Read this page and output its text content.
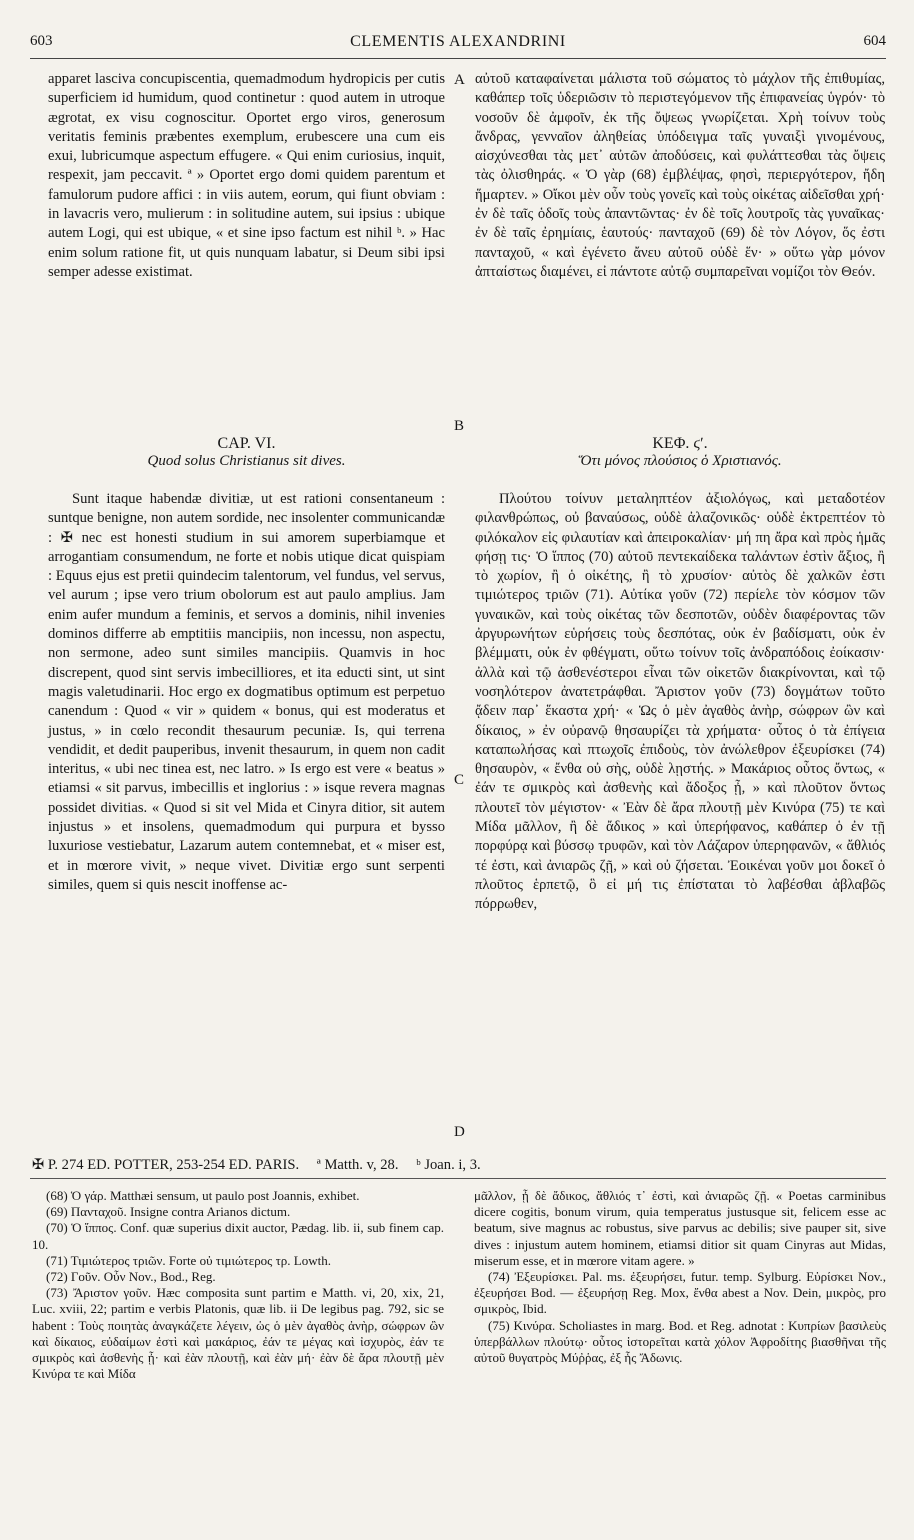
603	CLEMENTIS ALEXANDRINI	604

apparet lasciva concupiscentia, quemadmodum hydropicis per cutis superficiem id humidum, quod continetur : quod autem in utroque ægrotat, ex visu cognoscitur. Oportet ergo viros, generosum veritatis feminis præbentes exemplum, erubescere una cum eis exui, lubricumque aspectum effugere. « Qui enim curiosius, inquit, respexit, jam peccavit. ª » Oportet ergo domi quidem parentum et famulorum pudore affici : in viis autem, eorum, qui fiunt obviam : in lavacris vero, mulierum : in solitudine autem, sui ipsius : ubique autem Logi, qui est ubique, « et sine ipso factum est nihil ᵇ. » Hac enim solum ratione fit, ut quis nunquam labatur, si Deum sibi ipsi semper adesse existimat.

αὐτοῦ καταφαίνεται μάλιστα τοῦ σώματος τὸ μάχλον τῆς ἐπιθυμίας, καθάπερ τοῖς ὑδεριῶσιν τὸ περιστεγόμενον τῆς ἐπιφανείας ὑγρόν· τὸ νοσοῦν δὲ ἀμφοῖν, ἐκ τῆς ὄψεως γνωρίζεται. Χρὴ τοίνυν τοὺς ἄνδρας, γενναῖον ἀληθείας ὑπόδειγμα ταῖς γυναιξὶ γινομένους, αἰσχύνεσθαι τὰς μετ᾽ αὐτῶν ἀποδύσεις, καὶ φυλάττεσθαι τὰς ὄψεις τὰς ὀλισθηράς. « Ὁ γὰρ (68) ἐμβλέψας, φησὶ, περιεργότερον, ἤδη ἥμαρτεν. » Οἴκοι μὲν οὖν τοὺς γονεῖς καὶ τοὺς οἰκέτας αἰδεῖσθαι χρή· ἐν δὲ ταῖς ὁδοῖς τοὺς ἀπαντῶντας· ἐν δὲ τοῖς λουτροῖς τὰς γυναῖκας· ἐν δὲ ταῖς ἐρημίαις, ἑαυτούς· πανταχοῦ (69) δὲ τὸν Λόγον, ὅς ἐστι πανταχοῦ, « καὶ ἐγένετο ἄνευ αὐτοῦ οὐδὲ ἕν· » οὕτω γὰρ μόνον ἀπταίστως διαμένει, εἰ πάντοτε αὐτῷ συμπαρεῖναι νομίζοι τὸν Θεόν.

CAP. VI.

Quod solus Christianus sit dives.

ΚΕΦ. ϛʹ.

Ὅτι μόνος πλούσιος ὁ Χριστιανός.

Sunt itaque habendæ divitiæ, ut est rationi consentaneum : suntque benigne, non autem sordide, nec insolenter communicandæ : ✠ nec est honesti studium in sui amorem superbiamque et arrogantiam consumendum, ne forte et nobis utique dicat quispiam : Equus ejus est pretii quindecim talentorum, vel fundus, vel servus, vel aurum ; ipse vero trium obolorum est aut paulo amplius. Jam enim aufer mundum a feminis, et servos a dominis, nihil invenies dominos differre ab emptitiis mancipiis, non incessu, non aspectu, non sermone, adeo sunt similes mancipiis. Quamvis in hoc discrepent, quod sint servis imbecilliores, et ita educti sint, ut sint magis valetudinarii. Hoc ergo ex dogmatibus optimum est perpetuo canendum : Quod « vir » quidem « bonus, qui est moderatus et justus, » in cœlo recondit thesaurum pecuniæ. Is, qui terrena vendidit, et dedit pauperibus, invenit thesaurum, in quem non cadit interitus, « ubi nec tinea est, nec latro. » Is ergo est vere « beatus » etiamsi « sit parvus, imbecillis et inglorius : » isque revera magnas possidet divitias. « Quod si sit vel Mida et Cinyra ditior, sit autem injustus » et insolens, quemadmodum qui purpura et bysso luxuriose vestiebatur, Lazarum autem contemnebat, et « miser est, et in mœrore vivit, » neque vivet. Divitiæ ergo sunt serpenti similes, quem si quis nescit inoffense ac-

Πλούτου τοίνυν μεταληπτέον ἀξιολόγως, καὶ μεταδοτέον φιλανθρώπως, οὐ βαναύσως, οὐδὲ ἀλαζονικῶς· οὐδὲ ἐκτρεπτέον τὸ φιλόκαλον εἰς φιλαυτίαν καὶ ἀπειροκαλίαν· μή πη ἄρα καὶ πρὸς ἡμᾶς φήσῃ τις· Ὁ ἵππος (70) αὐτοῦ πεντεκαίδεκα ταλάντων ἐστὶν ἄξιος, ἢ τὸ χωρίον, ἢ ὁ οἰκέτης, ἢ τὸ χρυσίον· αὐτὸς δὲ χαλκῶν ἐστι τιμιώτερος τριῶν (71). Αὐτίκα γοῦν (72) περίελε τὸν κόσμον τῶν γυναικῶν, καὶ τοὺς οἰκέτας τῶν δεσποτῶν, οὐδὲν διαφέροντας τῶν ἀργυρωνήτων εὑρήσεις τοὺς δεσπότας, οὐκ ἐν βαδίσματι, οὐκ ἐν βλέμματι, οὐκ ἐν φθέγματι, οὕτω τοίνυν τοῖς ἀνδραπόδοις ἐοίκασιν· ἀλλὰ καὶ τῷ ἀσθενέστεροι εἶναι τῶν οἰκετῶν διακρίνονται, καὶ τῷ νοσηλότερον ἀνατετράφθαι. Ἄριστον γοῦν (73) δογμάτων τοῦτο ᾄδειν παρ᾽ ἕκαστα χρή· « Ὡς ὁ μὲν ἀγαθὸς ἀνὴρ, σώφρων ὢν καὶ δίκαιος, » ἐν οὐρανῷ θησαυρίζει τὰ χρήματα· οὗτος ὁ τὰ ἐπίγεια καταπωλήσας καὶ πτωχοῖς ἐπιδοὺς, τὸν ἀνώλεθρον ἐξευρίσκει (74) θησαυρὸν, « ἔνθα οὐ σὴς, οὐδὲ λῃστής. » Μακάριος οὗτος ὄντως, « ἐάν τε σμικρὸς καὶ ἀσθενὴς καὶ ἄδοξος ᾖ, » καὶ πλοῦτον ὄντως πλουτεῖ τὸν μέγιστον· « Ἐὰν δὲ ἄρα πλουτῇ μὲν Κινύρα (75) τε καὶ Μίδα μᾶλλον, ἢ δὲ ἄδικος » καὶ ὑπερήφανος, καθάπερ ὁ ἐν τῇ πορφύρᾳ καὶ βύσσῳ τρυφῶν, καὶ τὸν Λάζαρον ὑπερηφανῶν, « ἄθλιός τέ ἐστι, καὶ ἀνιαρῶς ζῇ, » καὶ οὐ ζήσεται. Ἐοικέναι γοῦν μοι δοκεῖ ὁ πλοῦτος ἑρπετῷ, ὃ εἰ μή τις ἐπίσταται τὸ λαβέσθαι ἀβλαβῶς πόρρωθεν,

A
B
C
D
✠ P. 274 ED. POTTER, 253-254 ED. PARIS. ª Matth. v, 28. ᵇ Joan. i, 3.

(68) Ὁ γάρ. Matthæi sensum, ut paulo post Joannis, exhibet.

(69) Πανταχοῦ. Insigne contra Arianos dictum.

(70) Ὁ ἵππος. Conf. quæ superius dixit auctor, Pædag. lib. ii, sub finem cap. 10.

(71) Τιμιώτερος τριῶν. Forte οὐ τιμιώτερος τρ. Lowth.

(72) Γοῦν. Οὖν Nov., Bod., Reg.

(73) Ἄριστον γοῦν. Hæc composita sunt partim e Matth. vi, 20, xix, 21, Luc. xviii, 22; partim e verbis Platonis, quæ lib. ii De legibus pag. 792, sic se habent : Τοὺς ποιητὰς ἀναγκάζετε λέγειν, ὡς ὁ μὲν ἀγαθὸς ἀνὴρ, σώφρων ὢν καὶ δίκαιος, εὐδαίμων ἐστὶ καὶ μακάριος, ἐάν τε μέγας καὶ ἰσχυρὸς, ἐάν τε σμικρὸς καὶ ἀσθενὴς ᾖ· καὶ ἐὰν πλουτῇ, καὶ ἐὰν μή· ἐὰν δὲ ἄρα πλουτῇ μὲν Κινύρα τε καὶ Μίδα

μᾶλλον, ᾖ δὲ ἄδικος, ἄθλιός τ᾽ ἐστὶ, καὶ ἀνιαρῶς ζῇ. « Poetas carminibus dicere cogitis, bonum virum, quia temperatus justusque sit, felicem esse ac beatum, sive magnus ac robustus, sive parvus ac debilis; sive pauper sit, sive dives : injustum autem hominem, etiamsi ditior sit quam Cinyras aut Midas, miserum esse, et in mœrore vitam agere. »

(74) Ἐξευρίσκει. Pal. ms. ἐξευρήσει, futur. temp. Sylburg. Εὑρίσκει Nov., ἐξευρήσει Bod. — ἐξευρήσῃ Reg. Mox, ἔνθα abest a Nov. Dein, μικρὸς, pro σμικρὸς, Ibid.

(75) Κινύρα. Scholiastes in marg. Bod. et Reg. adnotat : Κυπρίων βασιλεὺς ὑπερβάλλων πλούτῳ· οὗτος ἱστορεῖται κατὰ χόλον Ἀφροδίτης βιασθῆναι τῆς αὐτοῦ θυγατρὸς Μύῤῥας, ἐξ ἧς Ἄδωνις.
